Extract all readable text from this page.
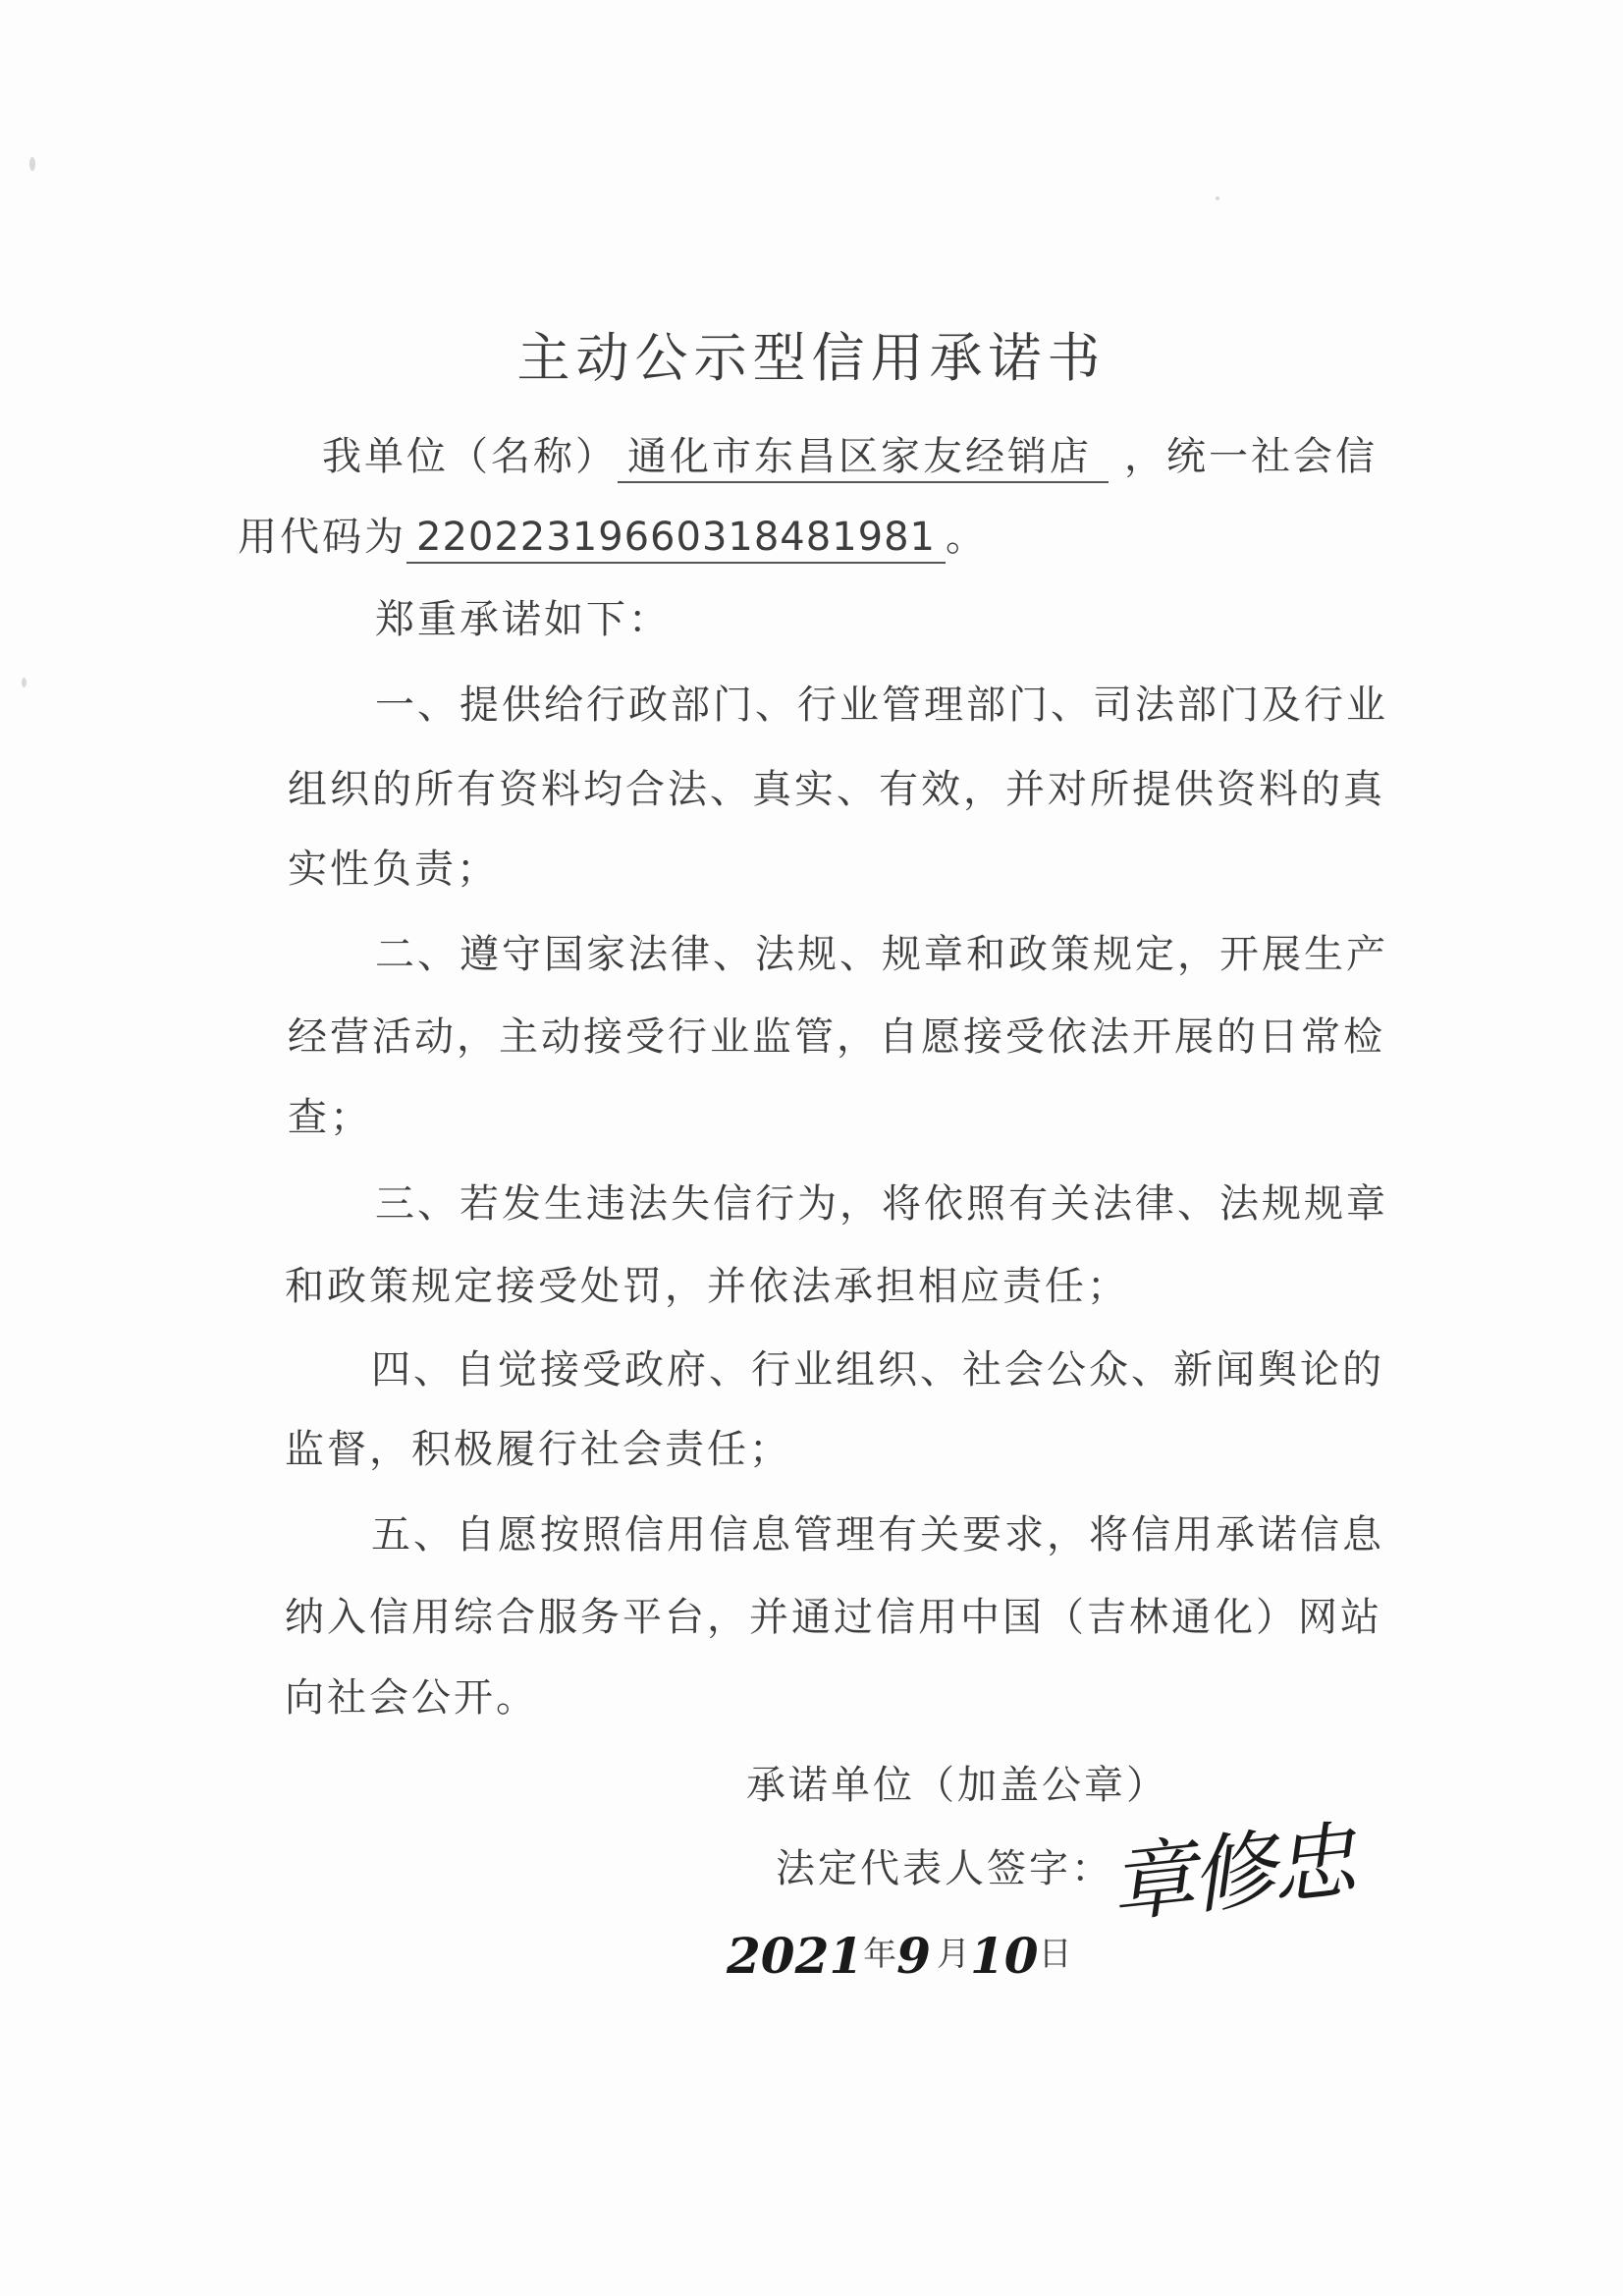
主动公示型信用承诺书
我单位（名称） 通化市东昌区家友经销店 ，统一社会信
用代码为 22022319660318481981 。
郑重承诺如下：
一、提供给行政部门、行业管理部门、司法部门及行业
组织的所有资料均合法、真实、有效，并对所提供资料的真
实性负责；
二、遵守国家法律、法规、规章和政策规定，开展生产
经营活动，主动接受行业监管，自愿接受依法开展的日常检
查；
三、若发生违法失信行为，将依照有关法律、法规规章
和政策规定接受处罚，并依法承担相应责任；
四、自觉接受政府、行业组织、社会公众、新闻舆论的
监督，积极履行社会责任；
五、自愿按照信用信息管理有关要求，将信用承诺信息
纳入信用综合服务平台，并通过信用中国（吉林通化）网站
向社会公开。
承诺单位（加盖公章）
法定代表人签字：
章修忠
$2021^年9$ $^月10^日$
